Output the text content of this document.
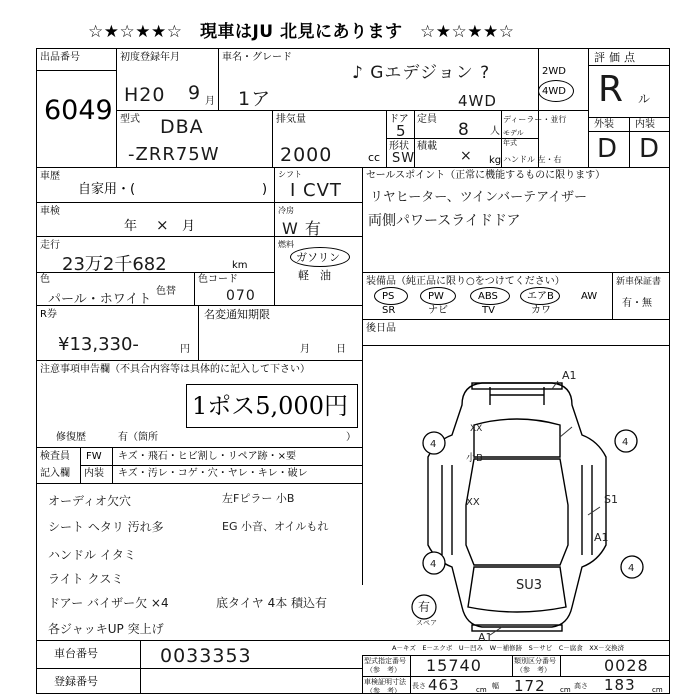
☆★☆★★☆　現車はJU 北見にあります　☆★☆★★☆
出品番号
6049
初度登録年月
H20 9 月
車名・グレード
♪ Gエデジョン ?
1ア	4WD
2WD
4WD
評価点
R ル
外装 内装
D D
型式 DBA
-ZRR75W
排気量
2000	cc
ドア
5
定員
8 人
ディーラー・並行
モデル
年式
形状
SW
積載
× kg ハンドル 左・右
車歴
自家用・(	)
シフト
I CVT
セールスポイント（正常に機能するものに限ります）
リヤヒーター、ツインバーテアイザー
両側パワースライドドア
車検
年 × 月
冷房
W 有
走行
23万2千682	km
燃料
ガソリン
軽　油
色
パール・ホワイト
色替
色コード
070
R券
¥13,330-	円
名変通知期限
月	日
装備品（純正品に限り○をつけてください）
PS	PW	ABS	エアB	AW
SR	ナビ	TV	カワ
新車保証書
有・無
後日品
注意事項申告欄（不具合内容等は具体的に記入して下さい）
1ポス5,000円
修復歴	有（箇所	）
検査員
記入欄
FW キズ・飛石・ヒビ割し・リペア跡・×要
内装 キズ・汚レ・コゲ・穴・ヤレ・キレ・破レ
オーディオ欠穴
シート ヘタリ 汚れ多
ハンドル イタミ
ライト クスミ
ドアー バイザー欠 ×4
各ジャッキUP 突上げ
左Fピラー 小B
EG 小音、オイルもれ
底タイヤ 4本 積込有
車台番号	0033353
登録番号
型式指定番号
（参　考） 15740	類別区分番号
（参　考）	0028
車検証明寸法
（参　考）
長さ 463 cm 幅 172 cm 高さ 183 cm
A－キズ　E－エクボ　U－凹み　W－補修跡　S－サビ　C－腐食　XX－交換済
4	4
4	4
A1
XX
小B
XX	S1
A1
SU3
A1
有
スペア
